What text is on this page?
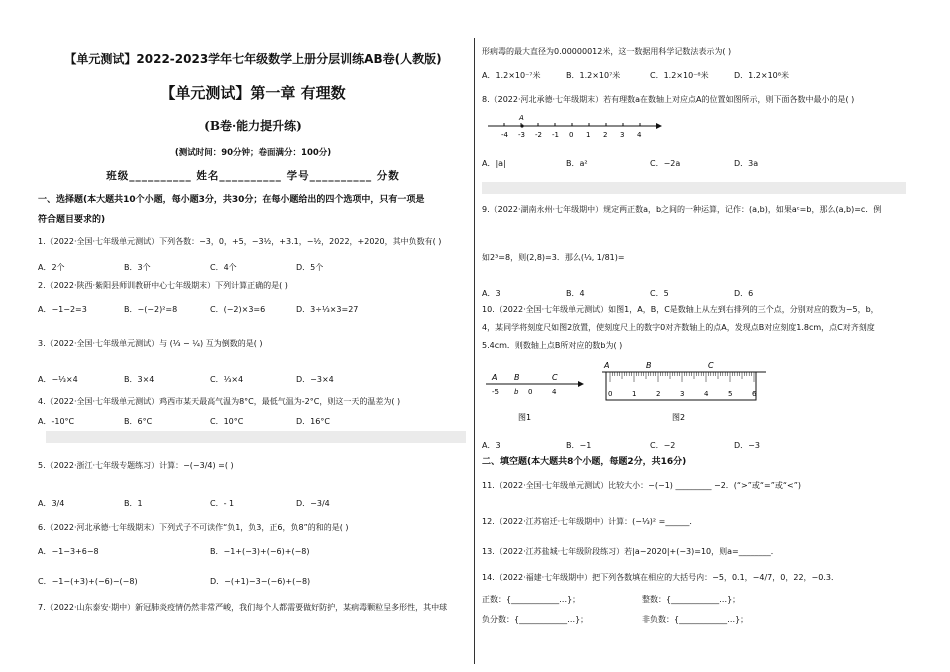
【单元测试】2022-2023学年七年级数学上册分层训练AB卷(人教版)
【单元测试】第一章 有理数
(B卷·能力提升练)
(测试时间：90分钟；卷面满分：100分)
班级__________ 姓名__________ 学号__________ 分数
一、选择题(本大题共10个小题，每小题3分，共30分；在每小题给出的四个选项中，只有一项是
符合题目要求的)
1.（2022·全国·七年级单元测试）下列各数：−3，0，+5，−3½，+3.1，−½，2022，+2020，其中负数有( )
A．2个	B．3个	C．4个	D．5个
2.（2022·陕西·紫阳县师训教研中心七年级期末）下列计算正确的是( )
A．−1−2=3	B．−(−2)²=8	C．(−2)×3=6	D．3÷⅓×3=27
3.（2022·全国·七年级单元测试）与 (⅓ − ¼) 互为倒数的是( )
A．−⅓×4	B．3×4	C．⅓×4	D．−3×4
4.（2022·全国·七年级单元测试）鸡西市某天最高气温为8°C，最低气温为-2°C，则这一天的温差为( )
A．-10°C	B．6°C	C．10°C	D．16°C
5.（2022·浙江·七年级专题练习）计算：−(−3/4) =( )
A．3/4	B．1	C．- 1	D．−3/4
6.（2022·河北承德·七年级期末）下列式子不可读作“负1，负3，正6，负8”的和的是( )
A．−1−3+6−8	B．−1+(−3)+(−6)+(−8)
C．−1−(+3)+(−6)−(−8)	D．−(+1)−3−(−6)+(−8)
7.（2022·山东泰安·期中）新冠肺炎疫情仍然非常严峻，我们每个人都需要做好防护，某病毒颗粒呈多形性，其中球
形病毒的最大直径为0.00000012米，这一数据用科学记数法表示为( )
A．1.2×10⁻⁷米	B．1.2×10⁷米	C．1.2×10⁻⁸米	D．1.2×10⁸米
8.（2022·河北承德·七年级期末）若有理数a在数轴上对应点A的位置如图所示，则下面各数中最小的是( )
-4 -3 -2 -1 0 1 2 3 4
A
A．|a|	B．a²	C．−2a	D．3a
9.（2022·湖南永州·七年级期中）规定两正数a，b之间的一种运算，记作：(a,b)，如果aᶜ=b，那么(a,b)=c．例
如2³=8，则(2,8)=3．那么(⅓, 1/81)=
A．3	B．4	C．5	D．6
10.（2022·全国·七年级单元测试）如图1，A，B，C是数轴上从左到右排列的三个点，分别对应的数为−5，b，
4，某同学将刻度尺如图2放置，使刻度尺上的数字0对齐数轴上的点A，发现点B对应刻度1.8cm，点C对齐刻度
5.4cm．则数轴上点B所对应的数b为( )
A B	C
-5 b 0	4
图1
A	B	C
0	1	2	3	4	5	6
图2
A．3	B．−1	C．−2	D．−3
二、填空题(本大题共8个小题，每题2分，共16分)
11.（2022·全国·七年级单元测试）比较大小：−(−1) _________ −2．(“>”或“=”或“<”)
12.（2022·江苏宿迁·七年级期中）计算：(−⅓)² =______．
13.（2022·江苏盐城·七年级阶段练习）若|a−2020|+(−3)=10，则a=________．
14.（2022·福建·七年级期中）把下列各数填在相应的大括号内：−5，0.1，−4/7，0，22，−0.3．
正数：{____________…}；	整数：{____________…}；
负分数：{____________…}；	非负数：{____________…}；
